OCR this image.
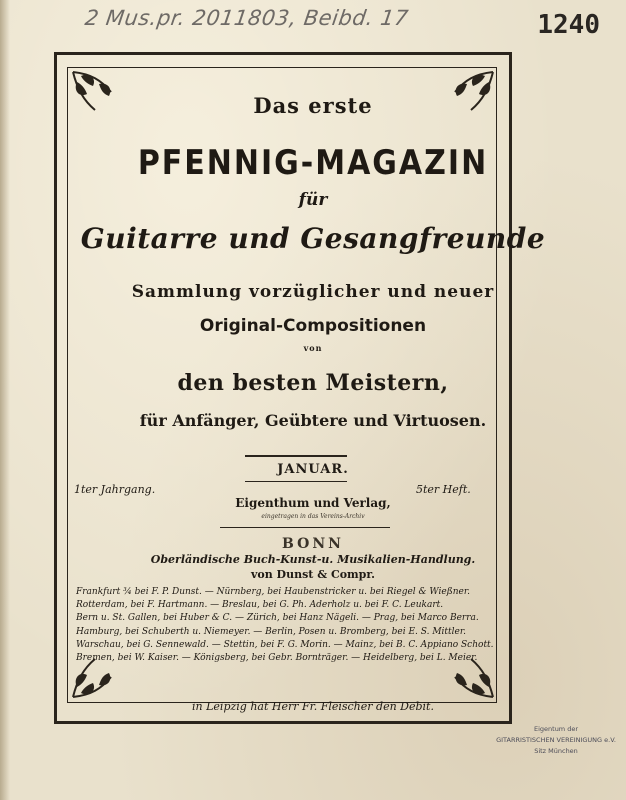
2 Mus.pr. 2011803, Beibd. 17	1240
Das erste
PFENNIG-MAGAZIN
für
Guitarre und Gesangfreunde
Sammlung vorzüglicher und neuer
Original-Compositionen
von
den besten Meistern,
für Anfänger, Geübtere und Virtuosen.
JANUAR.
1ter Jahrgang.	5ter Heft.
Eigenthum und Verlag,
eingetragen in das Vereins-Archiv
BONN
Oberländische Buch-Kunst-u. Musikalien-Handlung.
von Dunst & Compr.
Frankfurt ¾ bei F. P. Dunst. — Nürnberg, bei Haubenstricker u. bei Riegel & Wießner.
Rotterdam, bei F. Hartmann. — Breslau, bei G. Ph. Aderholz u. bei F. C. Leukart.
Bern u. St. Gallen, bei Huber & C. — Zürich, bei Hanz Nägeli. — Prag, bei Marco Berra.
Hamburg, bei Schuberth u. Niemeyer. — Berlin, Posen u. Bromberg, bei E. S. Mittler.
Warschau, bei G. Sennewald. — Stettin, bei F. G. Morin. — Mainz, bei B. C. Appiano Schott.
Bremen, bei W. Kaiser. — Königsberg, bei Gebr. Bornträger. — Heidelberg, bei L. Meier.
in Leipzig hat Herr Fr. Fleischer den Debit.
Eigentum der
GITARRISTISCHEN VEREINIGUNG e.V.
Sitz München
